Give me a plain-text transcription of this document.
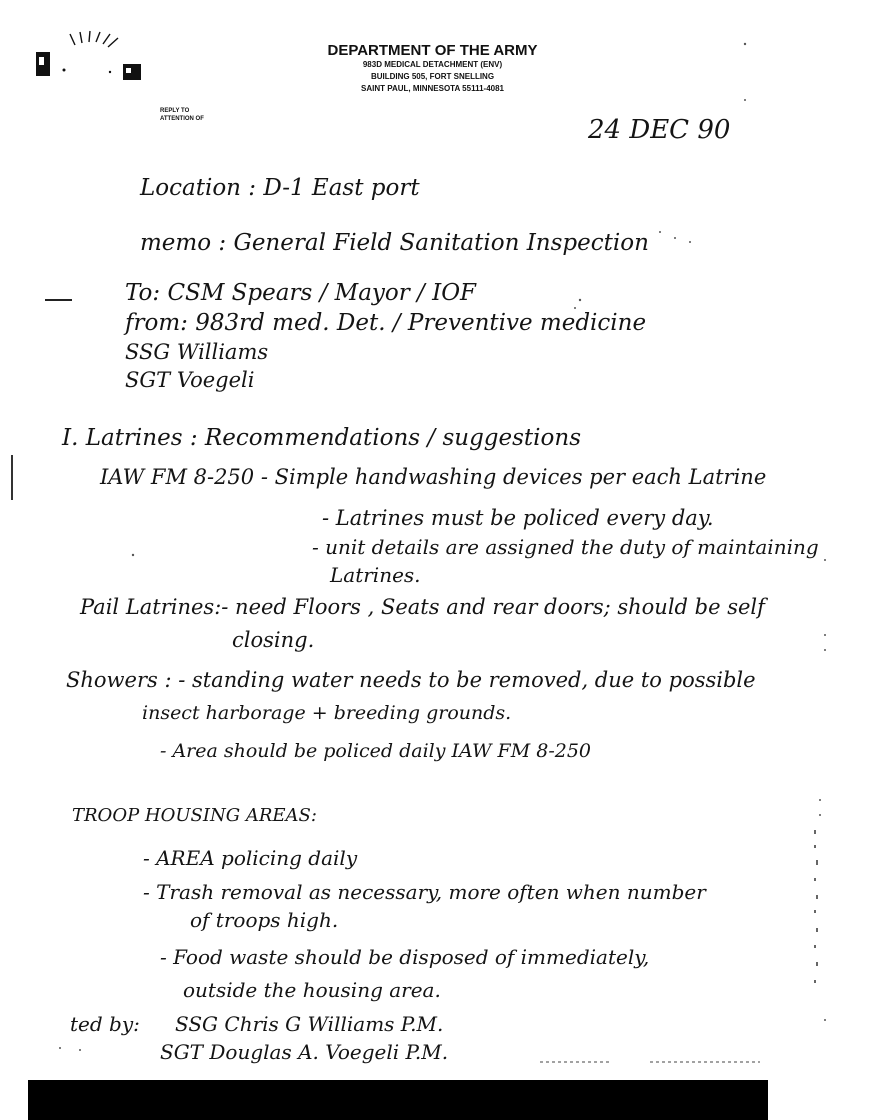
DEPARTMENT OF THE ARMY
983D MEDICAL DETACHMENT (ENV)
BUILDING 505, FORT SNELLING
SAINT PAUL, MINNESOTA 55111-4081
REPLY TO
ATTENTION OF	24 DEC 90
Location : D-1 East port
memo : General Field Sanitation Inspection
To: CSM Spears / Mayor / IOF
from: 983rd med. Det. / Preventive medicine
SSG Williams
SGT Voegeli
I. Latrines : Recommendations / suggestions
IAW FM 8-250 - Simple handwashing devices per each Latrine
- Latrines must be policed every day.
- unit details are assigned the duty of maintaining
Latrines.
Pail Latrines:- need Floors , Seats and rear doors; should be self
closing.
Showers : - standing water needs to be removed, due to possible
insect harborage + breeding grounds.
- Area should be policed daily IAW FM 8-250
TROOP HOUSING AREAS:
- AREA policing daily
- Trash removal as necessary, more often when number
of troops high.
- Food waste should be disposed of immediately,
outside the housing area.
ted by: SSG Chris G Williams P.M.
SGT Douglas A. Voegeli P.M.
